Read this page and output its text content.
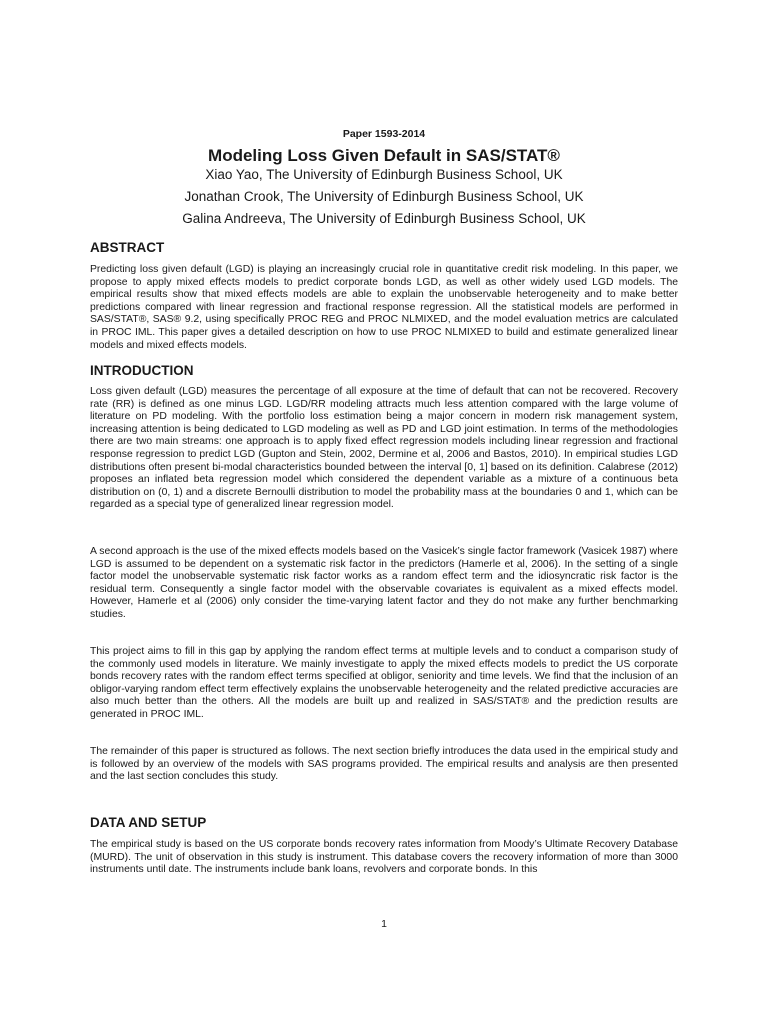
Paper 1593-2014
Modeling Loss Given Default in SAS/STAT®
Xiao Yao, The University of Edinburgh Business School, UK
Jonathan Crook, The University of Edinburgh Business School, UK
Galina Andreeva, The University of Edinburgh Business School, UK
ABSTRACT

Predicting loss given default (LGD) is playing an increasingly crucial role in quantitative credit risk modeling. In this paper, we propose to apply mixed effects models to predict corporate bonds LGD, as well as other widely used LGD models. The empirical results show that mixed effects models are able to explain the unobservable heterogeneity and to make better predictions compared with linear regression and fractional response regression. All the statistical models are performed in SAS/STAT®, SAS® 9.2, using specifically PROC REG and PROC NLMIXED, and the model evaluation metrics are calculated in PROC IML. This paper gives a detailed description on how to use PROC NLMIXED to build and estimate generalized linear models and mixed effects models.

INTRODUCTION

Loss given default (LGD) measures the percentage of all exposure at the time of default that can not be recovered. Recovery rate (RR) is defined as one minus LGD. LGD/RR modeling attracts much less attention compared with the large volume of literature on PD modeling. With the portfolio loss estimation being a major concern in modern risk management system, increasing attention is being dedicated to LGD modeling as well as PD and LGD joint estimation. In terms of the methodologies there are two main streams: one approach is to apply fixed effect regression models including linear regression and fractional response regression to predict LGD (Gupton and Stein, 2002, Dermine et al, 2006 and Bastos, 2010). In empirical studies LGD distributions often present bi-modal characteristics bounded between the interval [0, 1] based on its definition. Calabrese (2012) proposes an inflated beta regression model which considered the dependent variable as a mixture of a continuous beta distribution on (0, 1) and a discrete Bernoulli distribution to model the probability mass at the boundaries 0 and 1, which can be regarded as a special type of generalized linear regression model.

A second approach is the use of the mixed effects models based on the Vasicek’s single factor framework (Vasicek 1987) where LGD is assumed to be dependent on a systematic risk factor in the predictors (Hamerle et al, 2006). In the setting of a single factor model the unobservable systematic risk factor works as a random effect term and the idiosyncratic risk factor is the residual term. Consequently a single factor model with the observable covariates is equivalent as a mixed effects model. However, Hamerle et al (2006) only consider the time-varying latent factor and they do not make any further benchmarking studies.

This project aims to fill in this gap by applying the random effect terms at multiple levels and to conduct a comparison study of the commonly used models in literature. We mainly investigate to apply the mixed effects models to predict the US corporate bonds recovery rates with the random effect terms specified at obligor, seniority and time levels. We find that the inclusion of an obligor-varying random effect term effectively explains the unobservable heterogeneity and the related predictive accuracies are also much better than the others. All the models are built up and realized in SAS/STAT® and the prediction results are generated in PROC IML.

The remainder of this paper is structured as follows. The next section briefly introduces the data used in the empirical study and is followed by an overview of the models with SAS programs provided. The empirical results and analysis are then presented and the last section concludes this study.

DATA AND SETUP

The empirical study is based on the US corporate bonds recovery rates information from Moody’s Ultimate Recovery Database (MURD). The unit of observation in this study is instrument. This database covers the recovery information of more than 3000 instruments until date. The instruments include bank loans, revolvers and corporate bonds. In this

1
